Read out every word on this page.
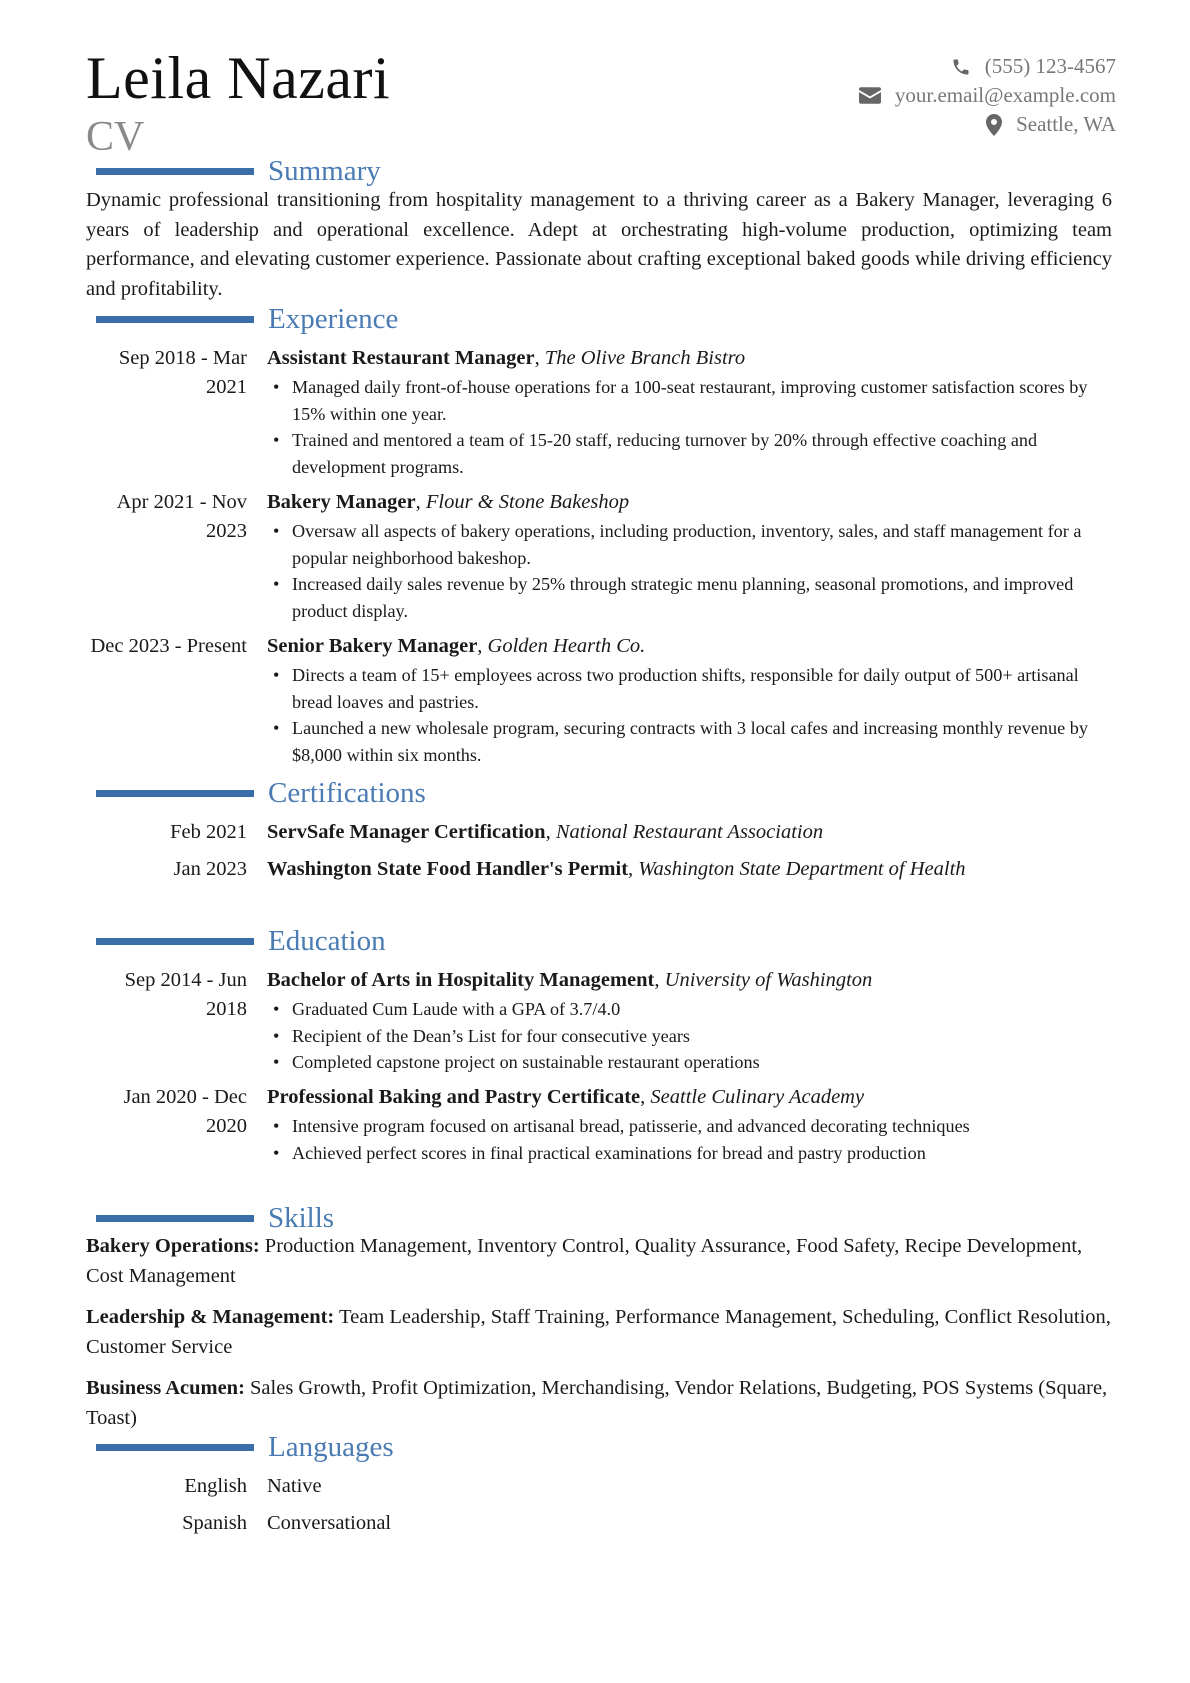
Leila Nazari
CV
(555) 123-4567
your.email@example.com
Seattle, WA
Summary
Dynamic professional transitioning from hospitality management to a thriving career as a Bakery Manager, leveraging 6 years of leadership and operational excellence. Adept at orchestrating high-volume production, optimizing team performance, and elevating customer experience. Passionate about crafting exceptional baked goods while driving efficiency and profitability.
Experience
Sep 2018 - Mar 2021
Assistant Restaurant Manager, The Olive Branch Bistro
• Managed daily front-of-house operations for a 100-seat restaurant, improving customer satisfaction scores by 15% within one year.
• Trained and mentored a team of 15-20 staff, reducing turnover by 20% through effective coaching and development programs.
Apr 2021 - Nov 2023
Bakery Manager, Flour & Stone Bakeshop
• Oversaw all aspects of bakery operations, including production, inventory, sales, and staff management for a popular neighborhood bakeshop.
• Increased daily sales revenue by 25% through strategic menu planning, seasonal promotions, and improved product display.
Dec 2023 - Present Senior Bakery Manager, Golden Hearth Co.
• Directs a team of 15+ employees across two production shifts, responsible for daily output of 500+ artisanal bread loaves and pastries.
• Launched a new wholesale program, securing contracts with 3 local cafes and increasing monthly revenue by $8,000 within six months.
Certifications
Feb 2021 ServSafe Manager Certification, National Restaurant Association
Jan 2023 Washington State Food Handler's Permit, Washington State Department of Health
Education
Sep 2014 - Jun 2018
Bachelor of Arts in Hospitality Management, University of Washington
• Graduated Cum Laude with a GPA of 3.7/4.0
• Recipient of the Dean’s List for four consecutive years
• Completed capstone project on sustainable restaurant operations
Jan 2020 - Dec 2020
Professional Baking and Pastry Certificate, Seattle Culinary Academy
• Intensive program focused on artisanal bread, patisserie, and advanced decorating techniques
• Achieved perfect scores in final practical examinations for bread and pastry production
Skills
Bakery Operations: Production Management, Inventory Control, Quality Assurance, Food Safety, Recipe Development, Cost Management
Leadership & Management: Team Leadership, Staff Training, Performance Management, Scheduling, Conflict Resolution, Customer Service
Business Acumen: Sales Growth, Profit Optimization, Merchandising, Vendor Relations, Budgeting, POS Systems (Square, Toast)
Languages
English Native
Spanish Conversational
